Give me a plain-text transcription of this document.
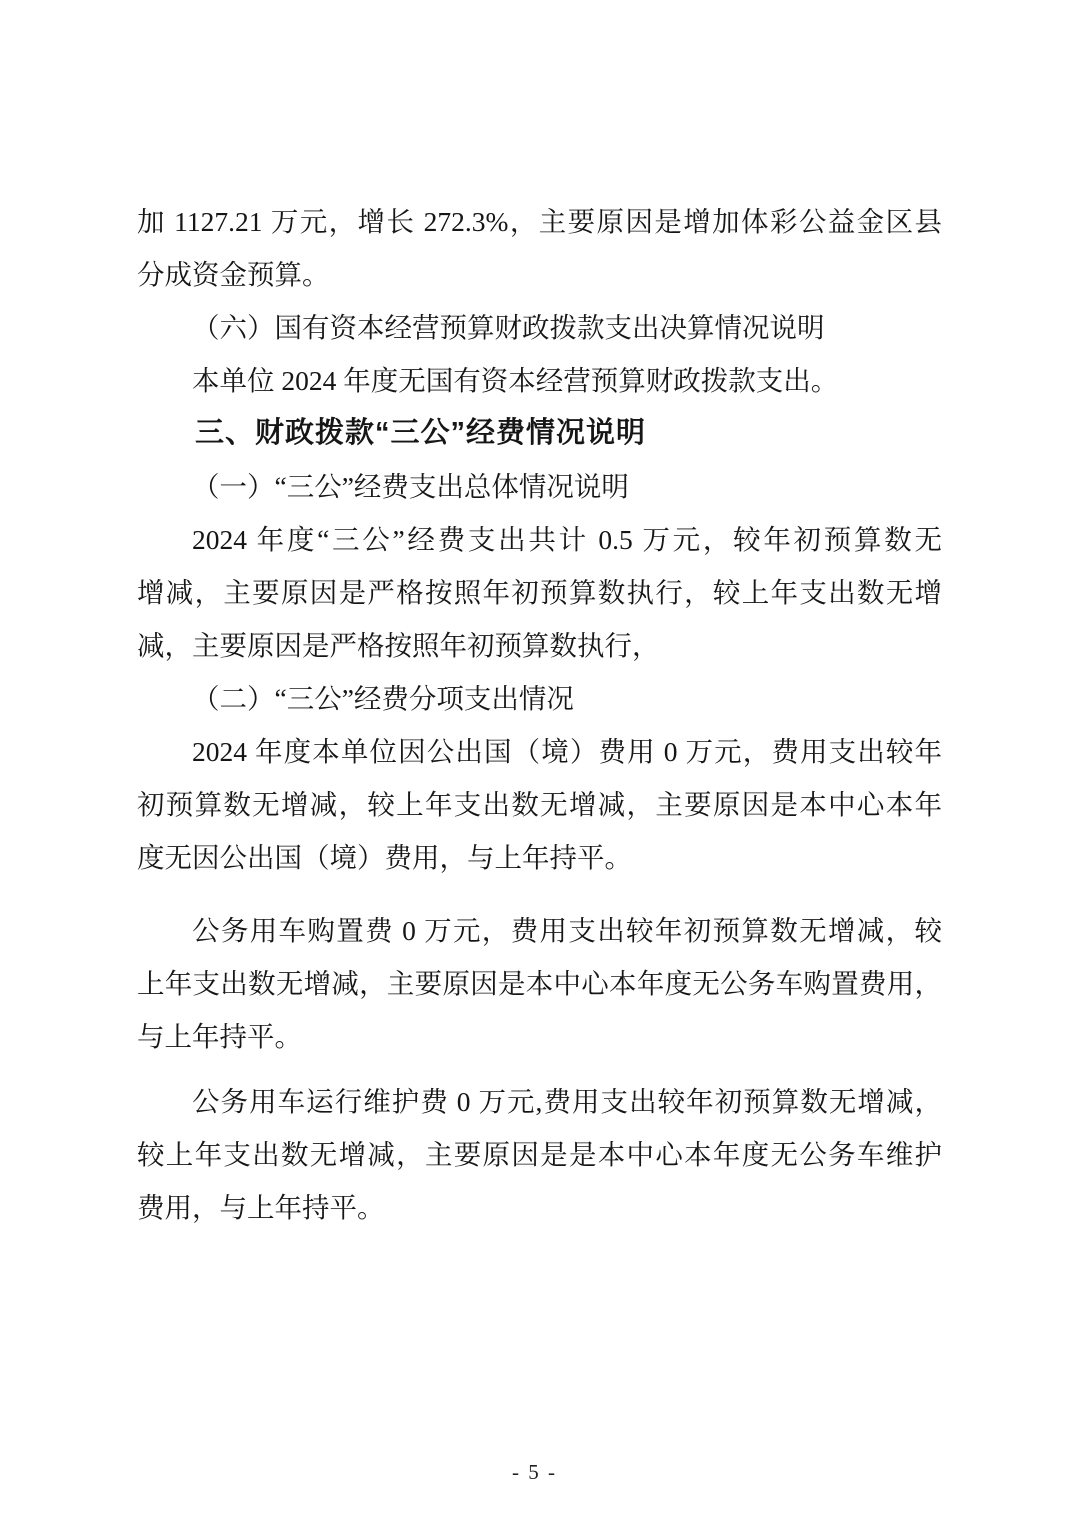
加 1127.21 万元，增长 272.3%，主要原因是增加体彩公益金区县

分成资金预算。

（六）国有资本经营预算财政拨款支出决算情况说明

本单位 2024 年度无国有资本经营预算财政拨款支出。

三、财政拨款“三公”经费情况说明

（一）“三公”经费支出总体情况说明

2024 年度“三公”经费支出共计 0.5 万元，较年初预算数无

增减，主要原因是严格按照年初预算数执行，较上年支出数无增

减，主要原因是严格按照年初预算数执行，

（二）“三公”经费分项支出情况

2024 年度本单位因公出国（境）费用 0 万元，费用支出较年

初预算数无增减，较上年支出数无增减，主要原因是本中心本年

度无因公出国（境）费用，与上年持平。

公务用车购置费 0 万元，费用支出较年初预算数无增减，较

上年支出数无增减，主要原因是本中心本年度无公务车购置费用，

与上年持平。

公务用车运行维护费 0 万元,费用支出较年初预算数无增减，

较上年支出数无增减，主要原因是是本中心本年度无公务车维护

费用，与上年持平。

- 5 -
